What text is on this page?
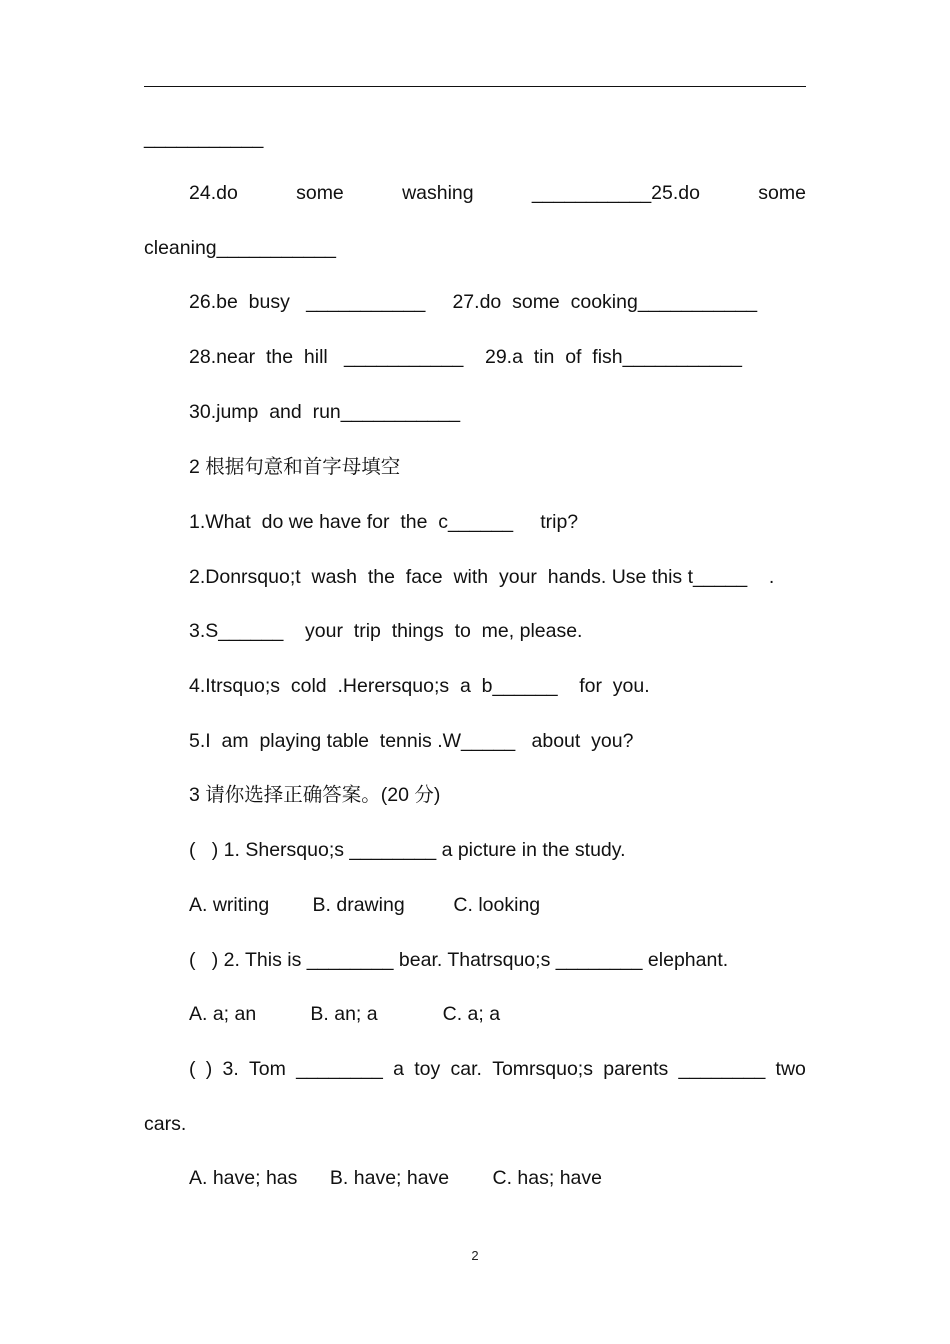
___________
24.do	some	washing	___________25.do	some
cleaning___________
26.be  busy   ___________     27.do  some  cooking___________
28.near  the  hill   ___________    29.a  tin  of  fish___________
30.jump  and  run___________
2 根据句意和首字母填空
1.What  do we have for  the  c______     trip?
2.Donrsquo;t  wash  the  face  with  your  hands. Use this t_____    .
3.S______    your  trip  things  to  me, please.
4.Itrsquo;s  cold  .Herersquo;s  a  b______    for  you.
5.I  am  playing table  tennis .W_____   about  you?
3 请你选择正确答案。(20 分)
(   ) 1. Shersquo;s ________ a picture in the study.
A. writing        B. drawing         C. looking
(   ) 2. This is ________ bear. Thatrsquo;s ________ elephant.
A. a; an          B. an; a            C. a; a
( ) 3. Tom ________ a toy car. Tomrsquo;s parents ________ two
cars.
A. have; has      B. have; have        C. has; have
2
